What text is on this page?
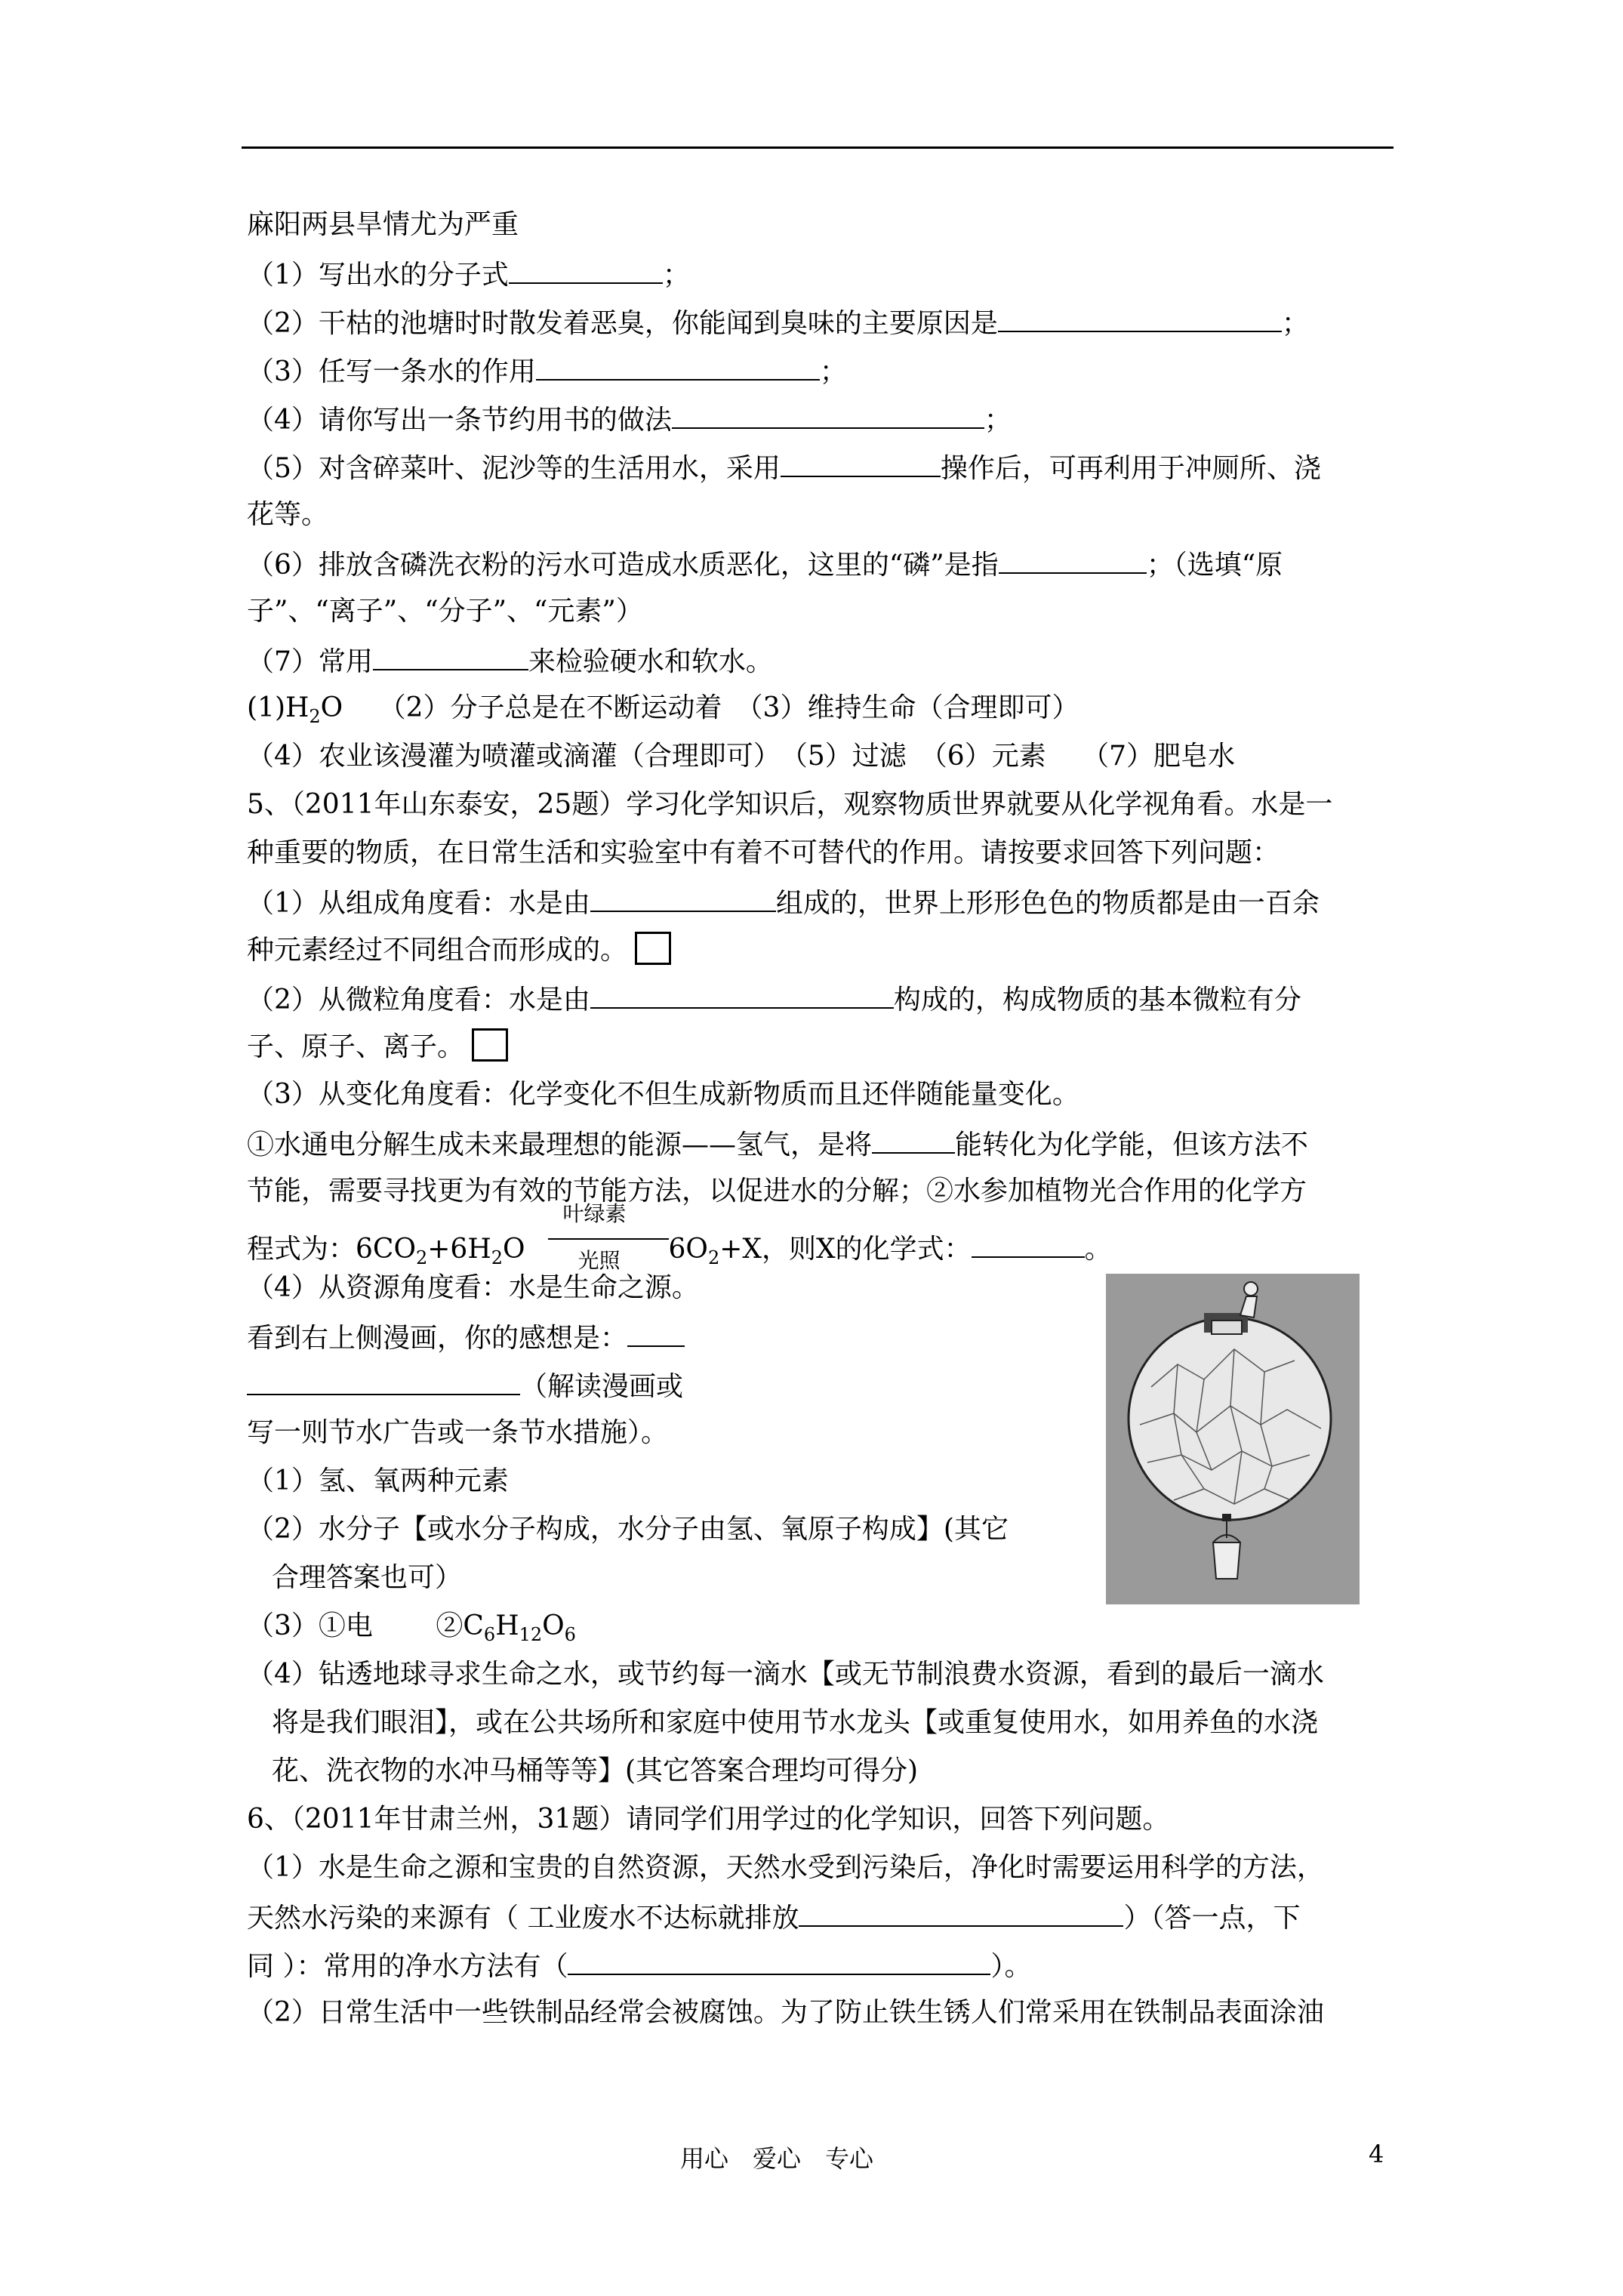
麻阳两县旱情尤为严重
（1）写出水的分子式	；
（2）干枯的池塘时时散发着恶臭，你能闻到臭味的主要原因是	；
（3）任写一条水的作用	；
（4）请你写出一条节约用书的做法	；
（5）对含碎菜叶、泥沙等的生活用水，采用	操作后，可再利用于冲厕所、浇
花等。
（6）排放含磷洗衣粉的污水可造成水质恶化，这里的“磷”是指	；（选填“原
子”、“离子”、“分子”、“元素”）
（7）常用	来检验硬水和软水。
$(1)H_2O$　 （2）分子总是在不断运动着　（3）维持生命（合理即可）
（4）农业该漫灌为喷灌或滴灌（合理即可）　（5）过滤　（6）元素　 （7）肥皂水
5、（2011年山东泰安，25题）学习化学知识后，观察物质世界就要从化学视角看。水是一
种重要的物质，在日常生活和实验室中有着不可替代的作用。请按要求回答下列问题：
（1）从组成角度看：水是由	组成的，世界上形形色色的物质都是由一百余
种元素经过不同组合而形成的。
（2）从微粒角度看：水是由	构成的，构成物质的基本微粒有分
子、原子、离子。
（3）从变化角度看：化学变化不但生成新物质而且还伴随能量变化。
①水通电分解生成未来最理想的能源——氢气，是将	能转化为化学能，但该方法不
节能，需要寻找更为有效的节能方法，以促进水的分解；②水参加植物光合作用的化学方
程式为：$6CO_2+6H_2O$
叶绿素
光照 $6O_2+X$，则X的化学式：	。
（4）从资源角度看：水是生命之源。
看到右上侧漫画，你的感想是：
（解读漫画或
写一则节水广告或一条节水措施）。
（1）氢、氧两种元素
（2）水分子【或水分子构成，水分子由氢、氧原子构成】(其它
合理答案也可）
（3）①电　　 $②C_6H_{12}O_6$
（4）钻透地球寻求生命之水，或节约每一滴水【或无节制浪费水资源，看到的最后一滴水
将是我们眼泪】，或在公共场所和家庭中使用节水龙头【或重复使用水，如用养鱼的水浇
花、洗衣物的水冲马桶等等】(其它答案合理均可得分)
6、（2011年甘肃兰州，31题）请同学们用学过的化学知识，回答下列问题。
（1）水是生命之源和宝贵的自然资源，天然水受到污染后，净化时需要运用科学的方法，
天然水污染的来源有（ 工业废水不达标就排放	）（答一点，下
同 ）：常用的净水方法有（	）。
（2）日常生活中一些铁制品经常会被腐蚀。为了防止铁生锈人们常采用在铁制品表面涂油
用心　爱心　专心	4
